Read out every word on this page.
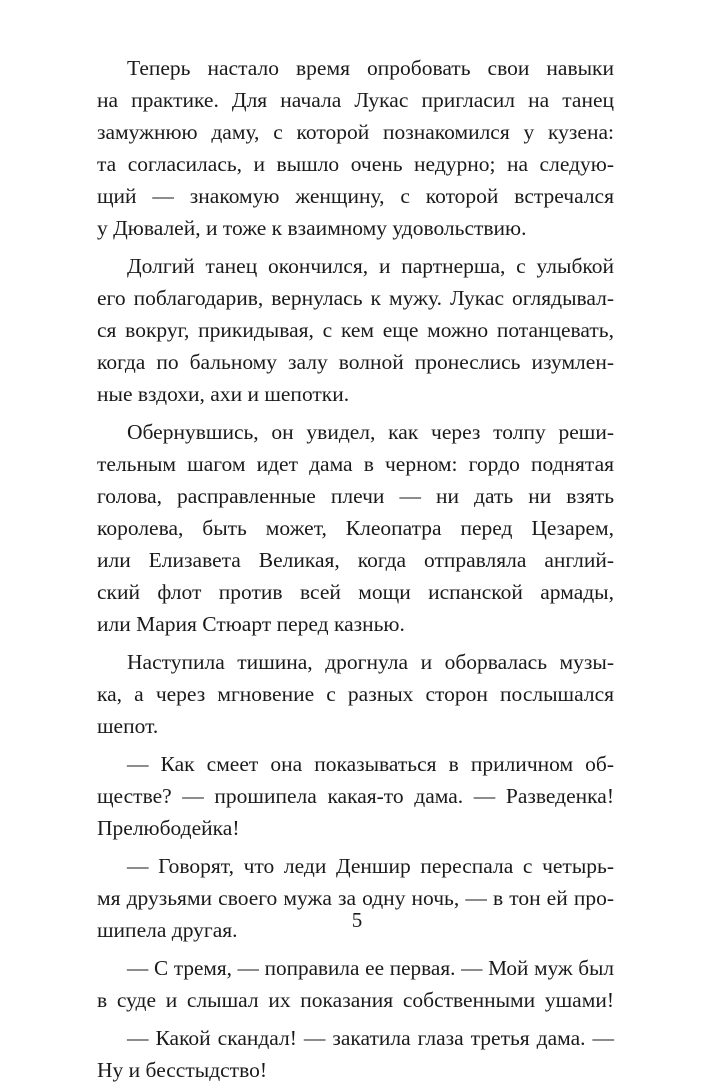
Теперь настало время опробовать свои навыки
на практике. Для начала Лукас пригласил на танец
замужнюю даму, с которой познакомился у кузена:
та согласилась, и вышло очень недурно; на следую-
щий — знакомую женщину, с которой встречался
у Дювалей, и тоже к взаимному удовольствию.
Долгий танец окончился, и партнерша, с улыбкой
его поблагодарив, вернулась к мужу. Лукас оглядывал-
ся вокруг, прикидывая, с кем еще можно потанцевать,
когда по бальному залу волной пронеслись изумлен-
ные вздохи, ахи и шепотки.
Обернувшись, он увидел, как через толпу реши-
тельным шагом идет дама в черном: гордо поднятая
голова, расправленные плечи — ни дать ни взять
королева, быть может, Клеопатра перед Цезарем,
или Елизавета Великая, когда отправляла англий-
ский флот против всей мощи испанской армады,
или Мария Стюарт перед казнью.
Наступила тишина, дрогнула и оборвалась музы-
ка, а через мгновение с разных сторон послышался
шепот.
— Как смеет она показываться в приличном об-
ществе? — прошипела какая-то дама. — Разведенка!
Прелюбодейка!
— Говорят, что леди Деншир переспала с четырь-
мя друзьями своего мужа за одну ночь, — в тон ей про-
шипела другая.
— С тремя, — поправила ее первая. — Мой муж был
в суде и слышал их показания собственными ушами!
— Какой скандал! — закатила глаза третья дама. —
Ну и бесстыдство!
5
